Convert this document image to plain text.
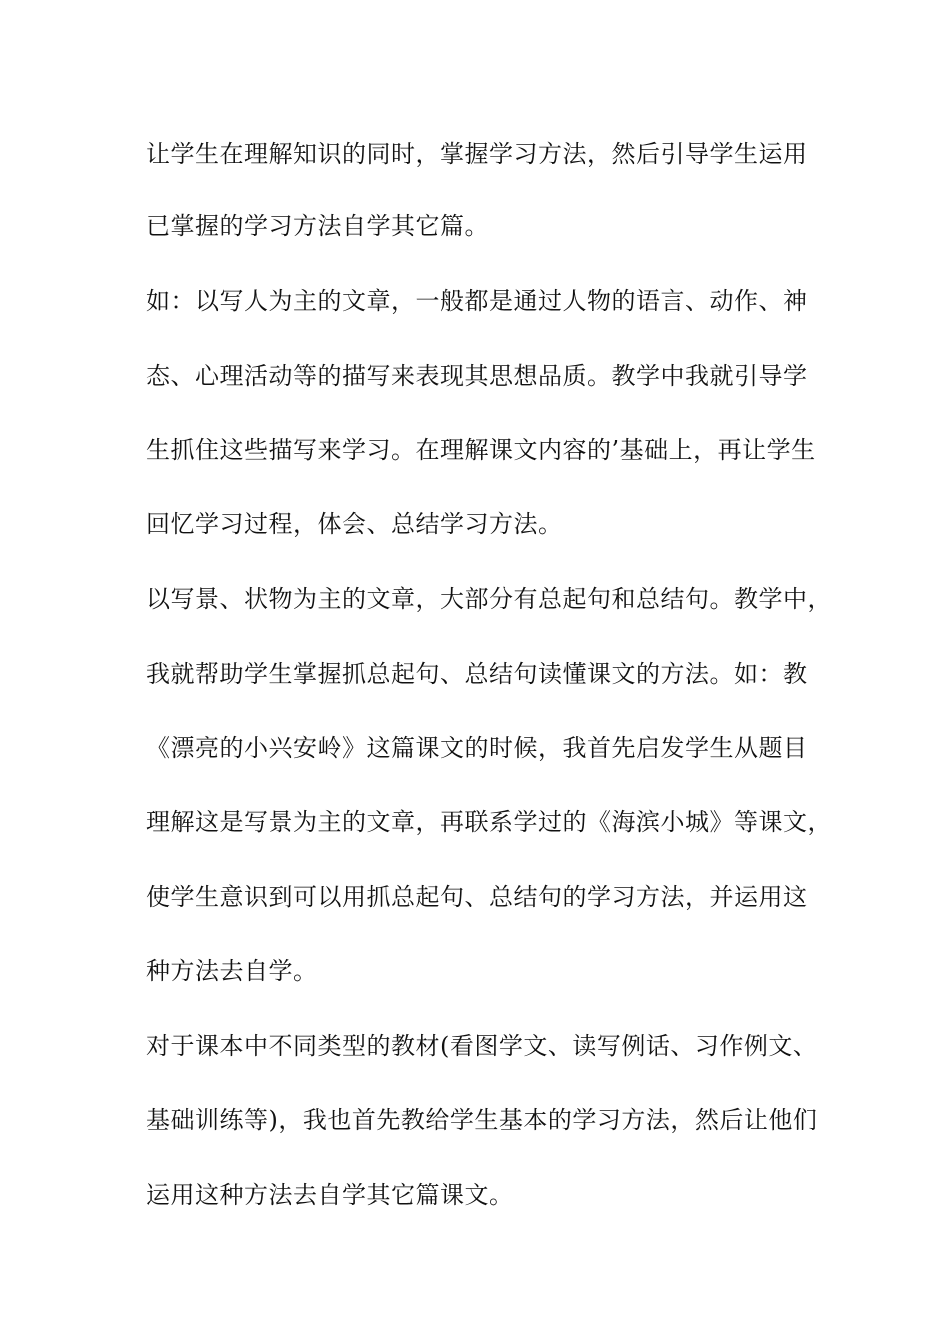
让学生在理解知识的同时，掌握学习方法，然后引导学生运用

已掌握的学习方法自学其它篇。

如：以写人为主的文章，一般都是通过人物的语言、动作、神

态、心理活动等的描写来表现其思想品质。教学中我就引导学

生抓住这些描写来学习。在理解课文内容的’基础上，再让学生

回忆学习过程，体会、总结学习方法。

以写景、状物为主的文章，大部分有总起句和总结句。教学中，

我就帮助学生掌握抓总起句、总结句读懂课文的方法。如：教

《漂亮的小兴安岭》这篇课文的时候，我首先启发学生从题目

理解这是写景为主的文章，再联系学过的《海滨小城》等课文，

使学生意识到可以用抓总起句、总结句的学习方法，并运用这

种方法去自学。

对于课本中不同类型的教材(看图学文、读写例话、习作例文、

基础训练等)，我也首先教给学生基本的学习方法，然后让他们

运用这种方法去自学其它篇课文。
